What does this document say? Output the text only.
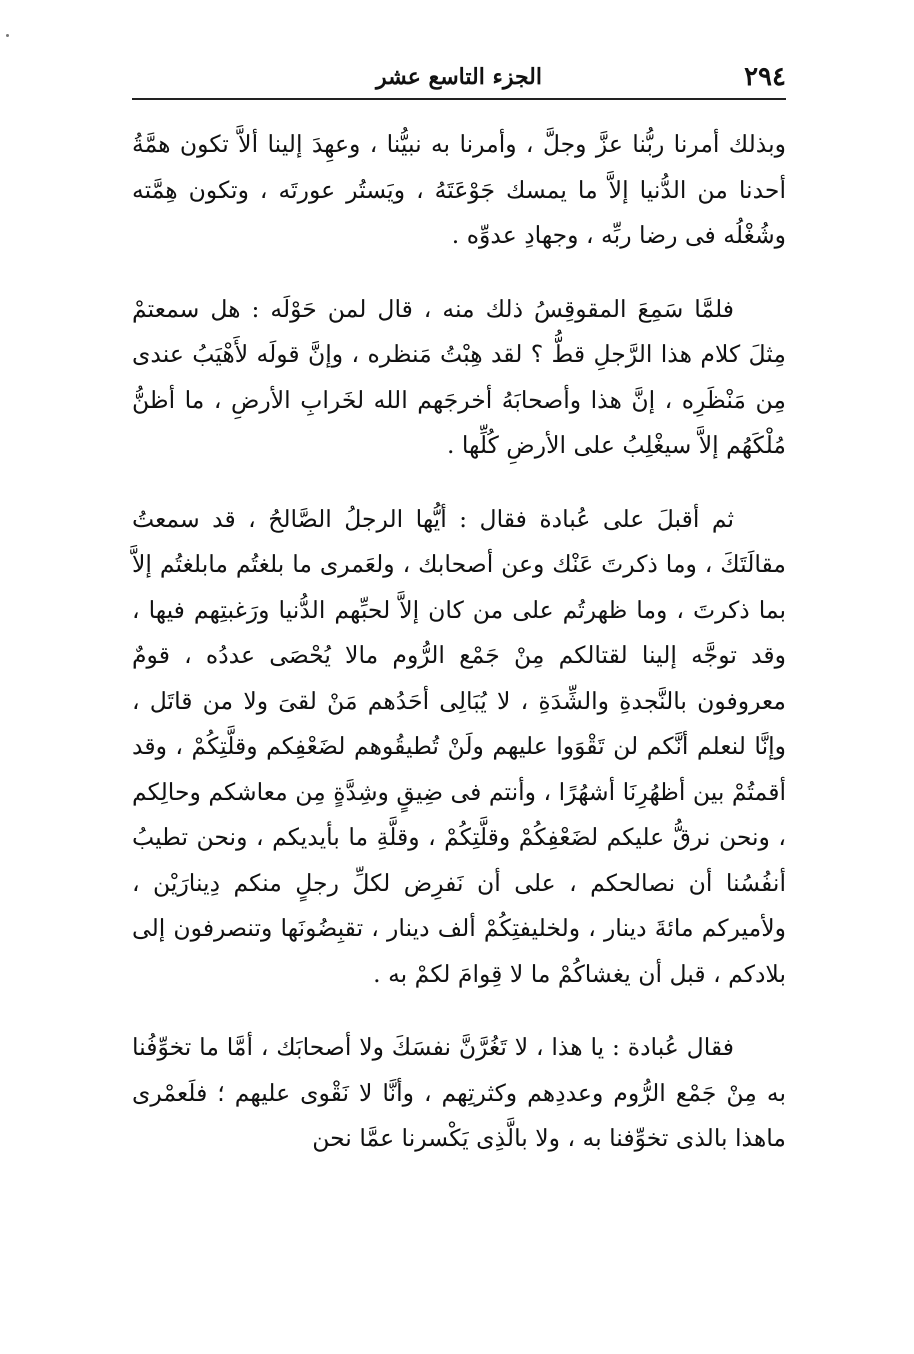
٢٩٤
الجزء التاسع عشر

وبذلك أمرنا ربُّنا عزَّ وجلَّ ، وأمرنا به نبيُّنا ، وعهِدَ إلينا ألاَّ تكون همَّةُ أحدنا من الدُّنيا إلاَّ ما يمسك جَوْعَتَهُ ، ويَستُر عورتَه ، وتكون هِمَّته وشُغْلُه فى رضا ربِّه ، وجهادِ عدوِّه .

فلمَّا سَمِعَ المقوقِسُ ذلك منه ، قال لمن حَوْلَه : هل سمعتمْ مِثلَ كلام هذا الرَّجلِ قطُّ ؟ لقد هِبْتُ مَنظره ، وإنَّ قولَه لأَهْيَبُ عندى مِن مَنْظَرِه ، إنَّ هذا وأصحابَهُ أخرجَهم الله لخَرابِ الأرضِ ، ما أظنُّ مُلْكَهُم إلاَّ سيغْلِبُ على الأرضِ كُلِّها .

ثم أقبلَ على عُبادة فقال : أيُّها الرجلُ الصَّالحُ ، قد سمعتُ مقالَتَكَ ، وما ذكرتَ عَنْك وعن أصحابك ، ولعَمرى ما بلغتُم مابلغتُم إلاَّ بما ذكرتَ ، وما ظهرتُم على من كان إلاَّ لحبِّهم الدُّنيا ورَغبتِهم فيها ، وقد توجَّه إلينا لقتالكم مِنْ جَمْع الرُّوم مالا يُحْصَى عددُه ، قومٌ معروفون بالنَّجدةِ والشِّدَةِ ، لا يُبَالِى أحَدُهم مَنْ لقىَ ولا من قاتَل ، وإنَّا لنعلم أنَّكم لن تَقْوَوا عليهم ولَنْ تُطيقُوهم لضَعْفِكم وقلَّتِكُمْ ، وقد أقمتُمْ بين أظهُرِنَا أشهُرًا ، وأنتم فى ضِيقٍ وشِدَّةٍ مِن معاشكم وحالِكم ، ونحن نرقُّ عليكم لضَعْفِكُمْ وقلَّتِكُمْ ، وقلَّةِ ما بأيديكم ، ونحن تطيبُ أنفُسُنا أن نصالحكم ، على أن نَفرِض لكلِّ رجلٍ منكم دِينارَيْن ، ولأميركم مائةَ دينار ، ولخليفتِكُمْ ألف دينار ، تقبِضُونَها وتنصرفون إلى بلادكم ، قبل أن يغشاكُمْ ما لا قِوامَ لكمْ به .

فقال عُبادة : يا هذا ، لا تَغُرَّنَّ نفسَكَ ولا أصحابَك ، أمَّا ما تخوِّفُنا به مِنْ جَمْع الرُّوم وعددِهم وكثرتِهم ، وأنَّا لا نَقْوى عليهم ؛ فلَعمْرى ماهذا بالذى تخوِّفنا به ، ولا بالَّذِى يَكْسرنا عمَّا نحن
